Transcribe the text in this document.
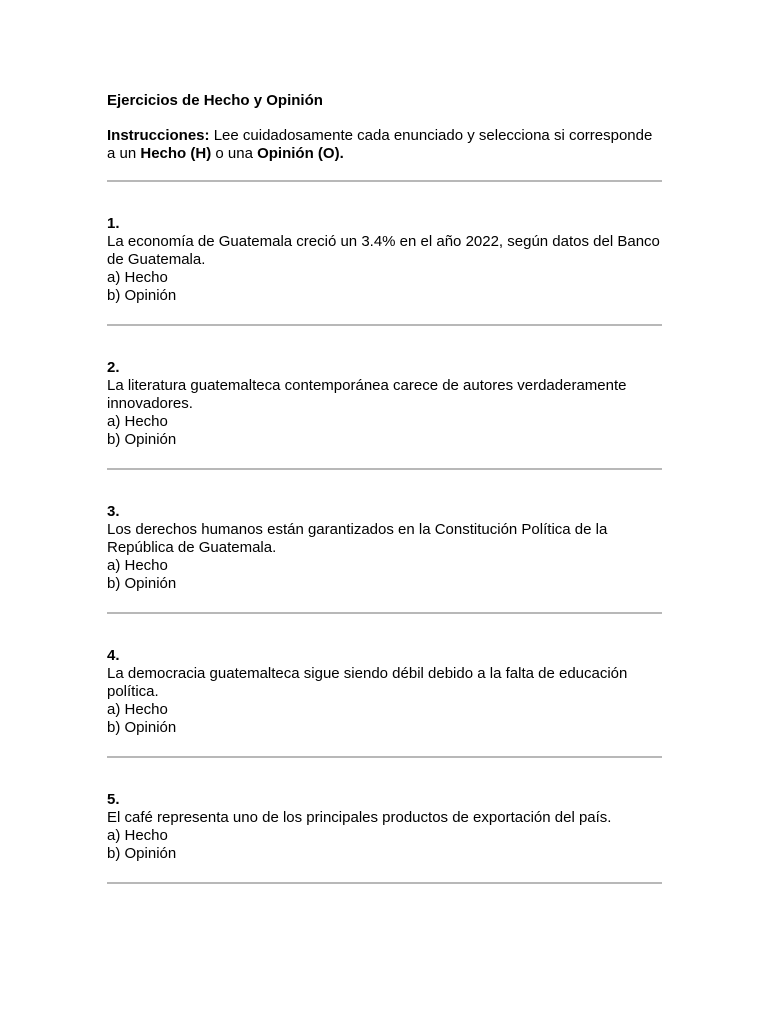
Ejercicios de Hecho y Opinión
Instrucciones: Lee cuidadosamente cada enunciado y selecciona si corresponde a un Hecho (H) o una Opinión (O).
1.
La economía de Guatemala creció un 3.4% en el año 2022, según datos del Banco de Guatemala.
a) Hecho
b) Opinión
2.
La literatura guatemalteca contemporánea carece de autores verdaderamente innovadores.
a) Hecho
b) Opinión
3.
Los derechos humanos están garantizados en la Constitución Política de la República de Guatemala.
a) Hecho
b) Opinión
4.
La democracia guatemalteca sigue siendo débil debido a la falta de educación política.
a) Hecho
b) Opinión
5.
El café representa uno de los principales productos de exportación del país.
a) Hecho
b) Opinión
